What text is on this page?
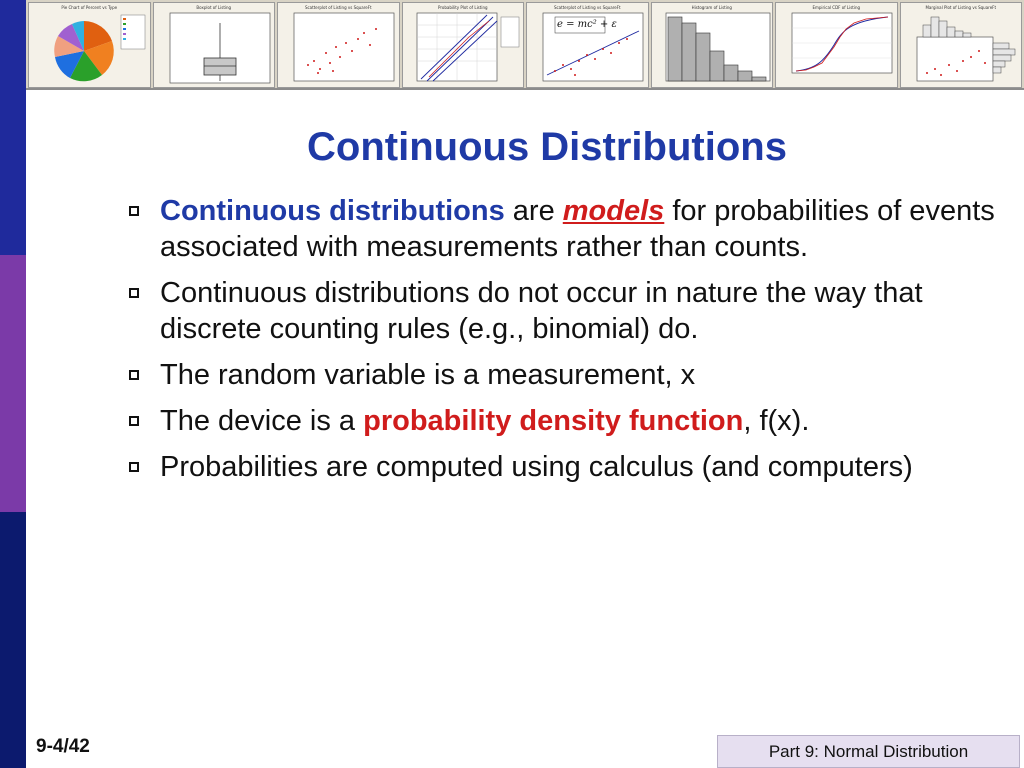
Pie Chart of Percent vs Type	Boxplot of Listing	Scatterplot of Listing vs SquareFt	Probability Plot of Listing	Scatterplot of Listing vs SquareFt
e = mc² + ε
Histogram of Listing	Empirical CDF of Listing	Marginal Plot of Listing vs SquareFt
Continuous Distributions
Continuous distributions are models for probabilities of events associated with measurements rather than counts.
Continuous distributions do not occur in nature the way that discrete counting rules (e.g., binomial) do.
The random variable is a measurement, x
The device is a probability density function, f(x).
Probabilities are computed using calculus (and computers)
9-4/42	Part 9: Normal Distribution
